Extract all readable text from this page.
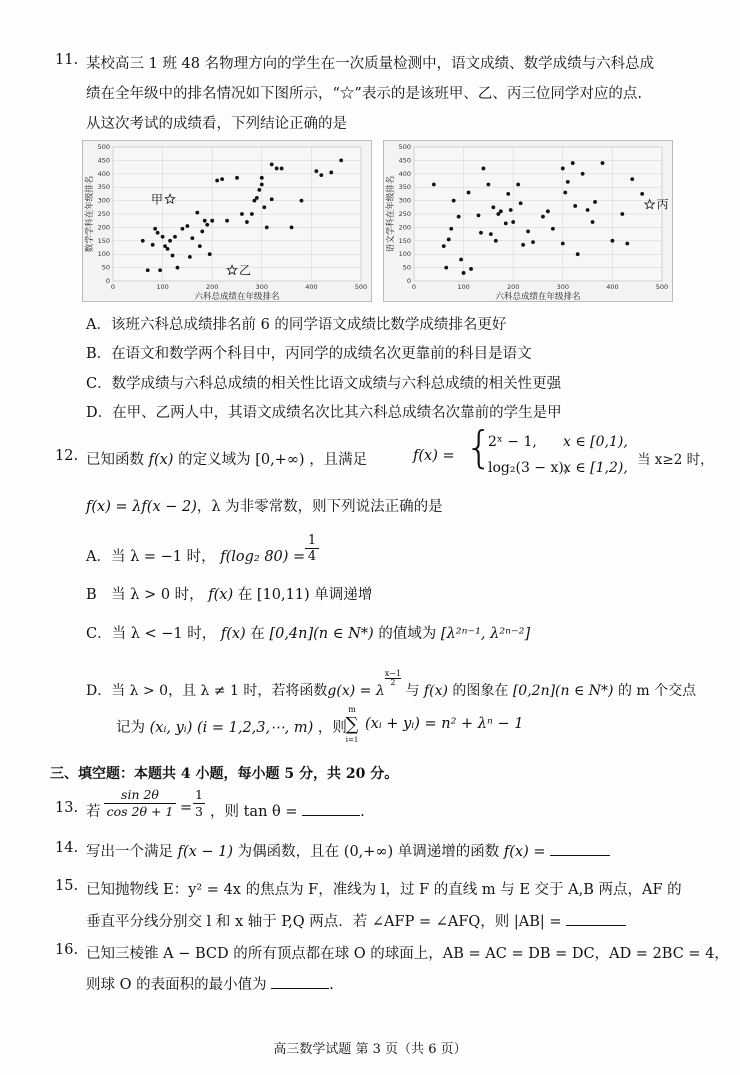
11. 某校高三 1 班 48 名物理方向的学生在一次质量检测中，语文成绩、数学成绩与六科总成
绩在全年级中的排名情况如下图所示，“☆”表示的是该班甲、乙、丙三位同学对应的点.
从这次考试的成绩看，下列结论正确的是
0
50
100
150
200
250
300
350
400
450
500
0	100	200	300	400	500
六科总成绩在年级排名
数学学科在年级排名	甲
乙
0
50
100
150
200
250
300
350
400
450
500
0	100	200	300	400	500
六科总成绩在年级排名
语文学科在年级排名	丙
A．该班六科总成绩排名前 6 的同学语文成绩比数学成绩排名更好
B．在语文和数学两个科目中，丙同学的成绩名次更靠前的科目是语文
C．数学成绩与六科总成绩的相关性比语文成绩与六科总成绩的相关性更强
D．在甲、乙两人中，其语文成绩名次比其六科总成绩名次靠前的学生是甲
12. 已知函数 f(x) 的定义域为 [0,+∞) ，且满足	f(x) = {
2ˣ − 1, x ∈ [0,1),
log₂(3 − x),
x ∈ [1,2), 当 x≥2 时，
f(x) = λf(x − 2)，λ 为非零常数，则下列说法正确的是
A．当 λ = −1 时， f(log₂ $80) = \frac{1}{4}$
B　当 λ > 0 时， f(x) 在 [10,11) 单调递增
C．当 λ < −1 时， f(x) 在 [0,4n](n ∈ N*) 的值域为 [λ²ⁿ⁻¹, λ²ⁿ⁻²]
D．当 λ > 0，且 λ ≠ 1 时，若将函数g(x) = λ
$\frac{x-1}{2}$
与 f(x) 的图象在 [0,2n](n ∈ N*) 的 m 个交点
记为 (xᵢ, yᵢ) (i = 1,2,3,⋯, m) ，则
m
∑
i=1
(xᵢ + yᵢ) = n² + λⁿ − 1
三、填空题：本题共 4 小题，每小题 5 分，共 20 分。
13. 若 $\frac{\sin 2\theta}{\cos 2\theta + 1} = \frac{1}{3}$ ，则 tan θ =	.
14. 写出一个满足 f(x − 1) 为偶函数，且在 (0,+∞) 单调递增的函数 f(x) =
15. 已知抛物线 E：y² = 4x 的焦点为 F，准线为 l，过 F 的直线 m 与 E 交于 A,B 两点，AF 的
垂直平分线分别交 l 和 x 轴于 P,Q 两点．若 ∠AFP = ∠AFQ，则 |AB| =
16. 已知三棱锥 A − BCD 的所有顶点都在球 O 的球面上，AB = AC = DB = DC，AD = 2BC = 4，
则球 O 的表面积的最小值为	.
高三数学试题 第 3 页（共 6 页）
